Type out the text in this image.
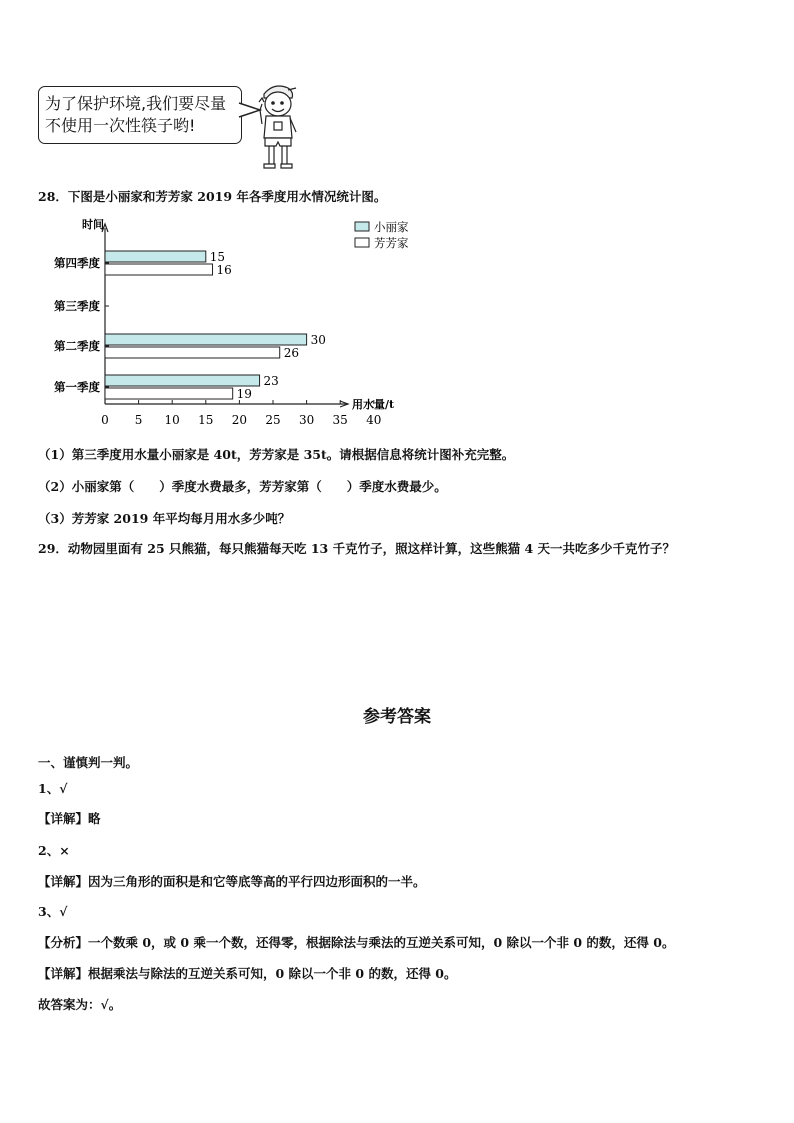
为了保护环境,我们要尽量
不使用一次性筷子哟!
28．下图是小丽家和芳芳家 2019 年各季度用水情况统计图。
时间
用水量/t
0 5 10 15 20 25 30 35 40
第一季度
第二季度
第三季度
第四季度
23
30
15
19
26
16
小丽家
芳芳家
（1）第三季度用水量小丽家是 40t，芳芳家是 35t。请根据信息将统计图补充完整。
（2）小丽家第（　　）季度水费最多，芳芳家第（　　）季度水费最少。
（3）芳芳家 2019 年平均每月用水多少吨？
29．动物园里面有 25 只熊猫，每只熊猫每天吃 13 千克竹子，照这样计算，这些熊猫 4 天一共吃多少千克竹子？
参考答案
一、谨慎判一判。
1、√
【详解】略
2、×
【详解】因为三角形的面积是和它等底等高的平行四边形面积的一半。
3、√
【分析】一个数乘 0，或 0 乘一个数，还得零，根据除法与乘法的互逆关系可知，0 除以一个非 0 的数，还得 0。
【详解】根据乘法与除法的互逆关系可知，0 除以一个非 0 的数，还得 0。
故答案为：√。
